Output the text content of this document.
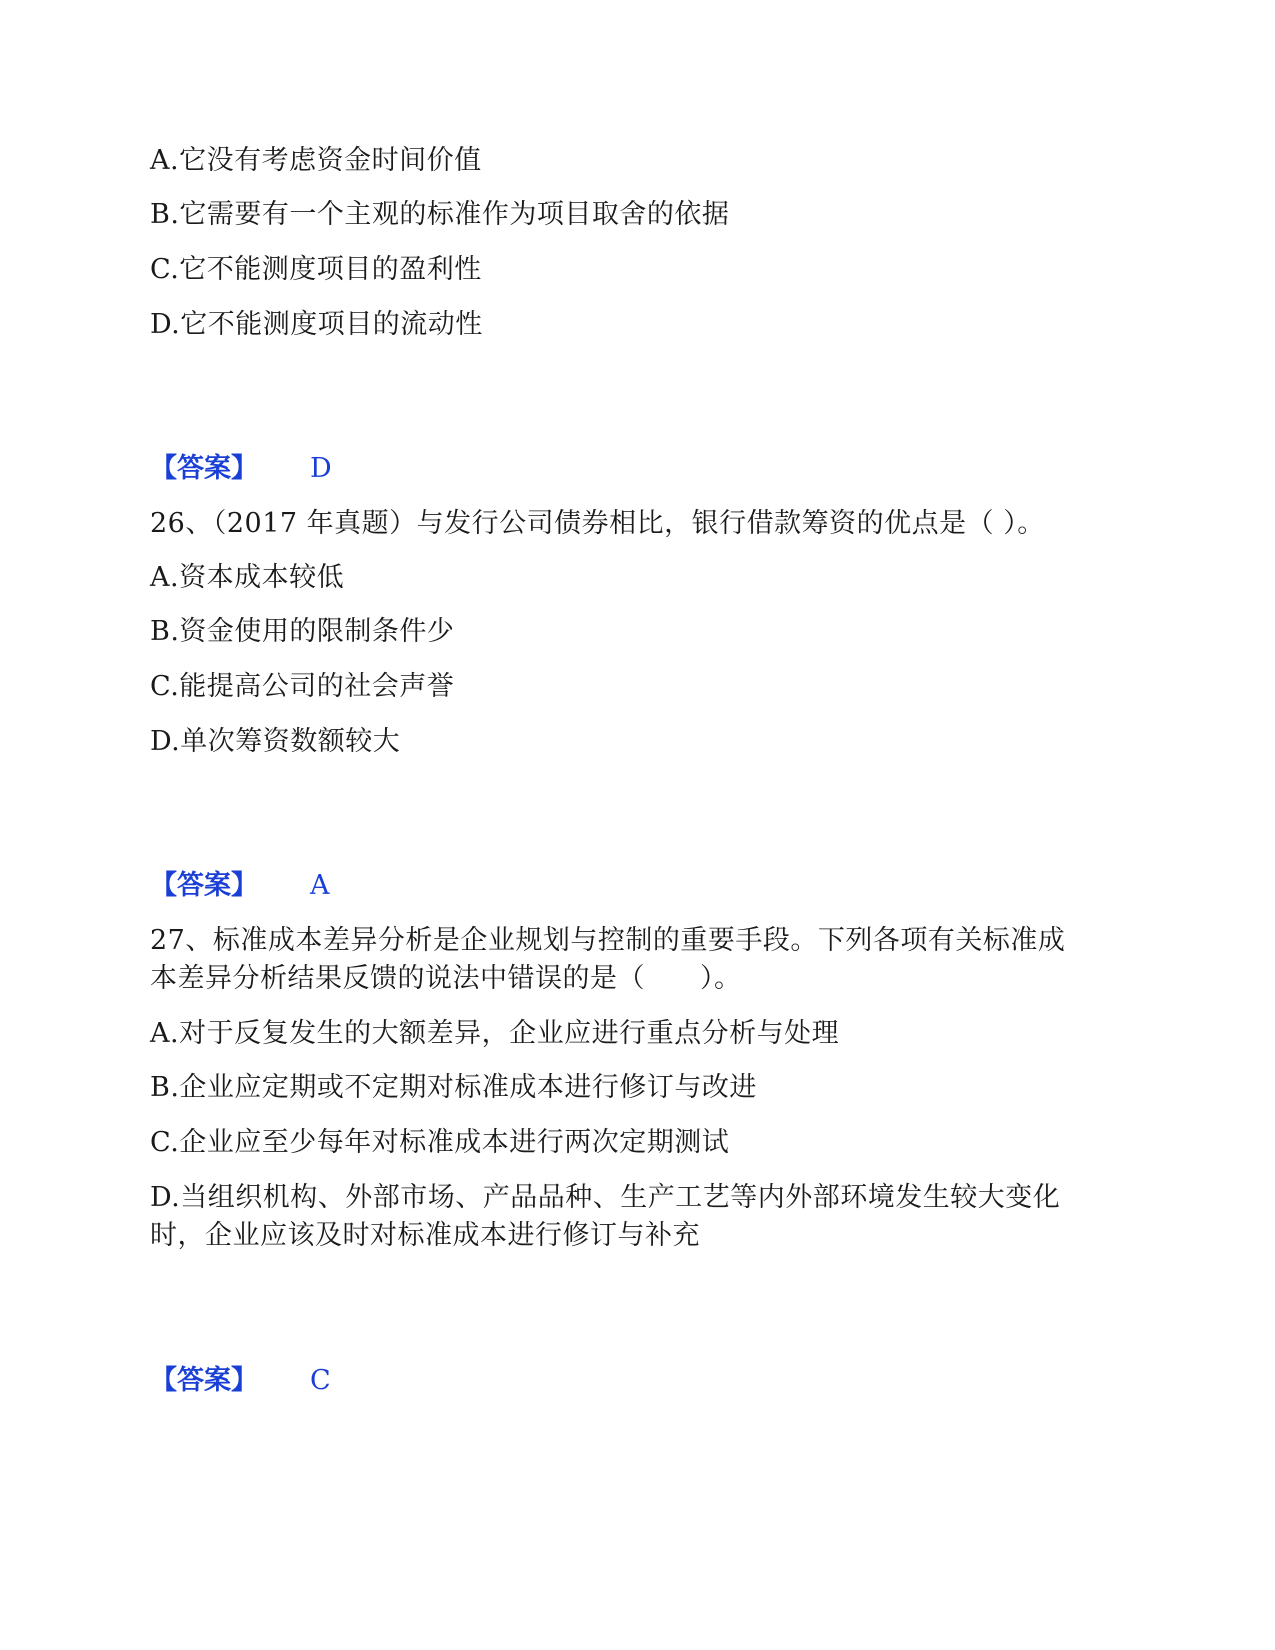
A.它没有考虑资金时间价值
B.它需要有一个主观的标准作为项目取舍的依据
C.它不能测度项目的盈利性
D.它不能测度项目的流动性
【答案】 D
26、（2017 年真题）与发行公司债券相比，银行借款筹资的优点是（ ）。
A.资本成本较低
B.资金使用的限制条件少
C.能提高公司的社会声誉
D.单次筹资数额较大
【答案】 A
27、标准成本差异分析是企业规划与控制的重要手段。下列各项有关标准成
本差异分析结果反馈的说法中错误的是（　　）。
A.对于反复发生的大额差异，企业应进行重点分析与处理
B.企业应定期或不定期对标准成本进行修订与改进
C.企业应至少每年对标准成本进行两次定期测试
D.当组织机构、外部市场、产品品种、生产工艺等内外部环境发生较大变化
时，企业应该及时对标准成本进行修订与补充
【答案】 C
